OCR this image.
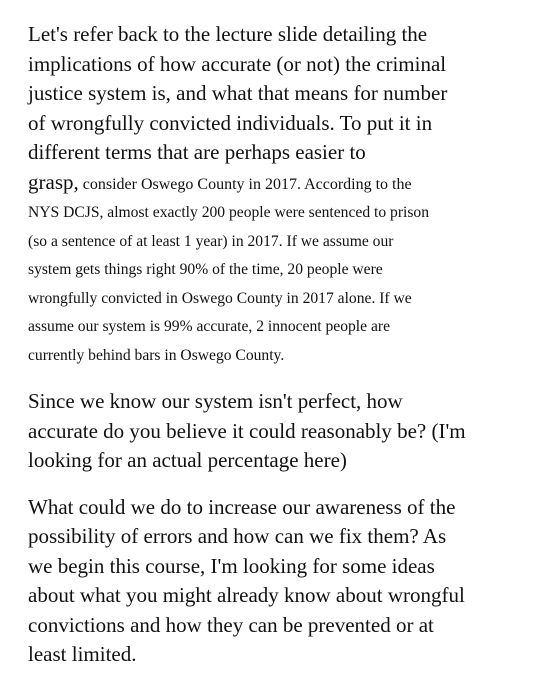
Let's refer back to the lecture slide detailing the
implications of how accurate (or not) the criminal
justice system is, and what that means for number
of wrongfully convicted individuals. To put it in
different terms that are perhaps easier to
grasp, consider Oswego County in 2017. According to the
NYS DCJS, almost exactly 200 people were sentenced to prison
(so a sentence of at least 1 year) in 2017. If we assume our
system gets things right 90% of the time, 20 people were
wrongfully convicted in Oswego County in 2017 alone. If we
assume our system is 99% accurate, 2 innocent people are
currently behind bars in Oswego County.

Since we know our system isn't perfect, how
accurate do you believe it could reasonably be? (I'm
looking for an actual percentage here)

What could we do to increase our awareness of the
possibility of errors and how can we fix them? As
we begin this course, I'm looking for some ideas
about what you might already know about wrongful
convictions and how they can be prevented or at
least limited.
